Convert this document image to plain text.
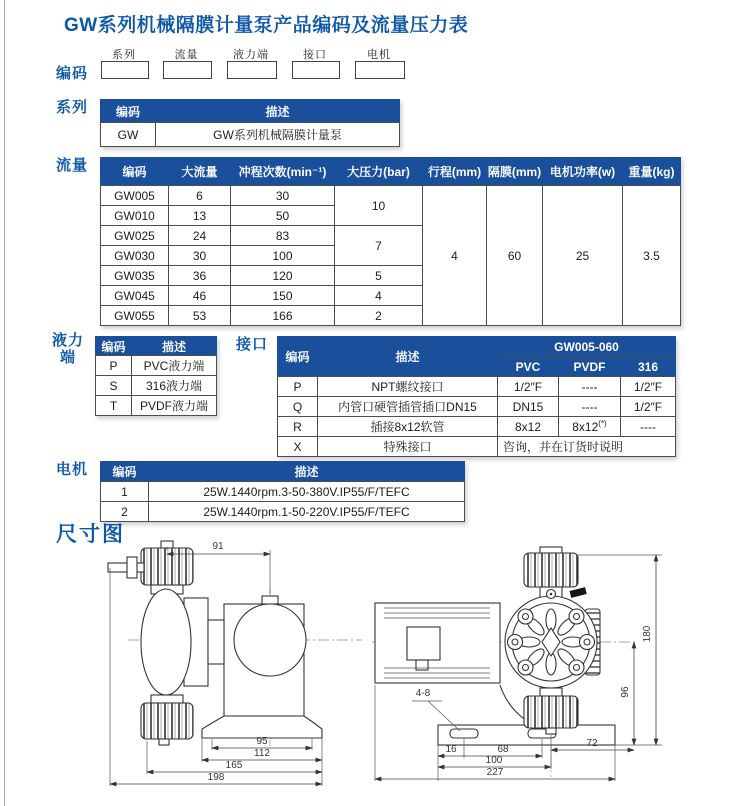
GW系列机械隔膜计量泵产品编码及流量压力表
编码
系列	流量	液力端	接口	电机
系列 编码	描述
GW	GW系列机械隔膜计量泵
流量	编码	大流量	冲程次数(min⁻¹)	大压力(bar)	行程(mm)	隔膜(mm)	电机功率(w)	重量(kg)
GW005	6	30	10	4	60	25	3.5
GW010	13	50					
GW025	24	83	7				
GW030	30	100					
GW035	36	120	5				
GW045	46	150	4				
GW055	53	166	2				
液力端
编码	描述
P	PVC液力端
S	316液力端
T	PVDF液力端
接口
编码	描述	GW005-060		
		PVC	PVDF	316
P	NPT螺纹接口	1/2″F	----	1/2″F
Q	内管口硬管插管插口DN15	DN15	----	1/2″F
R	插接8x12软管	8x12	8x12(*)	----
X	特殊接口	咨询，并在订货时说明		
电机 编码	描述
1	25W.1440rpm.3-50-380V.IP55/F/TEFC
2	25W.1440rpm.1-50-220V.IP55/F/TEFC
尺寸图
91
95
112
165
198
4-8
16	68
72
100
227
96
180
